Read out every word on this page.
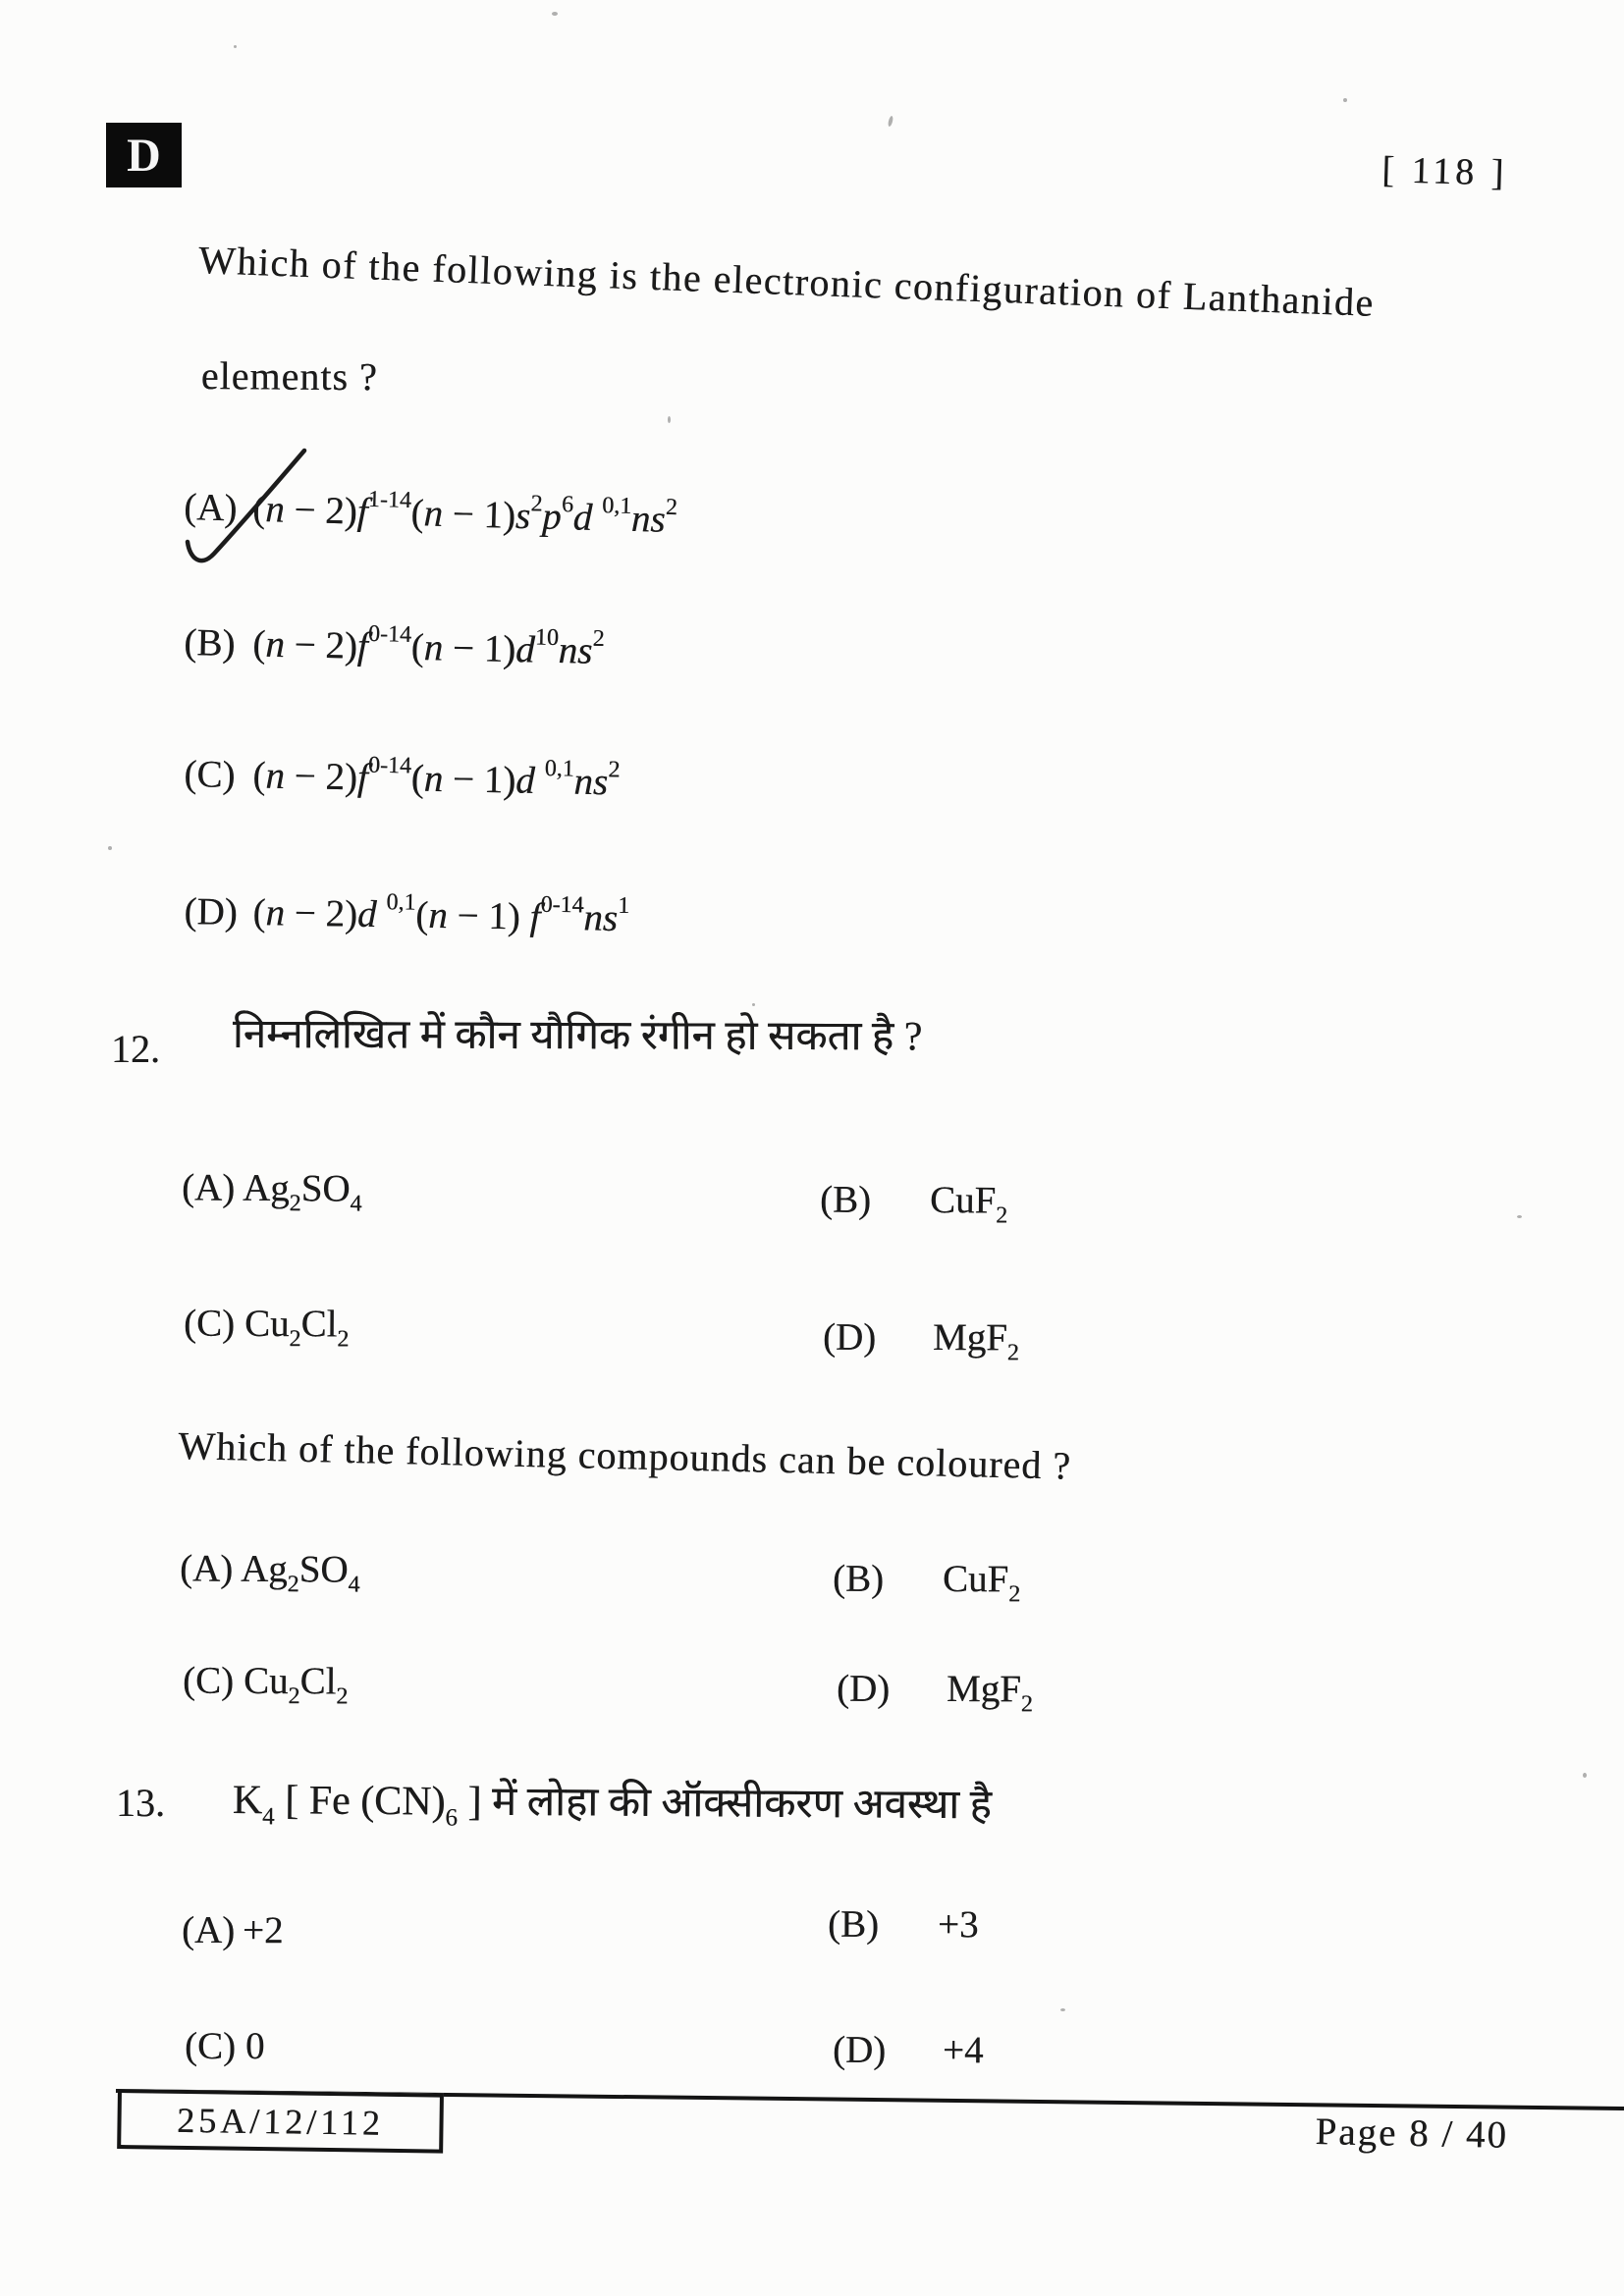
D	[ 118 ]
Which of the following is the electronic configuration of Lanthanide
elements ?
(A) $(n - 2)f^{1-14}(n - 1)s^2p^6d$ $^{0,1}ns^2$
(B) $(n - 2)f^{0-14}(n - 1)d^{10}ns^2$
(C) $(n - 2)f^{0-14}(n - 1)d$ $^{0,1}ns^2$
(D) (n − 2)d $^{0,1}$(n − 1) $f^{0-14}ns^1$
12. निम्नलिखित में कौन यौगिक रंगीन हो सकता है ?
(A) $Ag_2SO_4$	(B) CuF$_2$
(C) $Cu_2Cl_2$	(D) MgF$_2$
Which of the following compounds can be coloured ?
(A) $Ag_2SO_4$	(B) CuF$_2$
(C) $Cu_2Cl_2$	(D) MgF$_2$
13. $K_4$ [ Fe $(CN)_6$ ] में लोहा की ऑक्सीकरण अवस्था है
(A) +2	(B) +3
(C) 0	(D) +4
25A/12/112	Page 8 / 40
